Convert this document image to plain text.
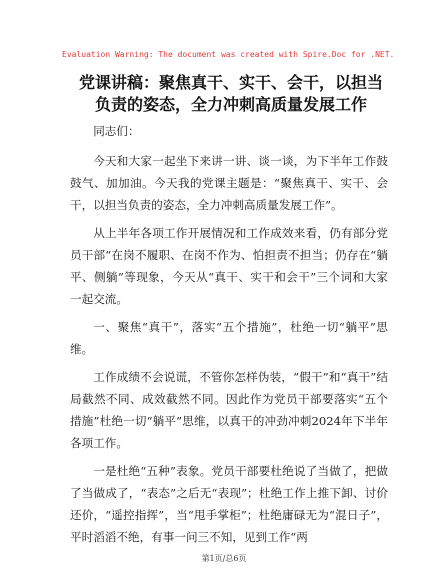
Evaluation Warning: The document was created with Spire.Doc for .NET.
党课讲稿：聚焦真干、实干、会干，以担当负责的姿态，全力冲刺高质量发展工作

同志们：

今天和大家一起坐下来讲一讲、谈一谈，为下半年工作鼓鼓气、加加油。今天我的党课主题是：“聚焦真干、实干、会干，以担当负责的姿态，全力冲刺高质量发展工作”。

从上半年各项工作开展情况和工作成效来看，仍有部分党员干部“在岗不履职、在岗不作为、怕担责不担当；仍存在“躺平、侧躺”等现象，今天从“真干、实干和会干”三个词和大家一起交流。

一、聚焦“真干”，落实“五个措施”，杜绝一切“躺平”思维。

工作成绩不会说谎，不管你怎样伪装，“假干”和“真干”结局截然不同、成效截然不同。因此作为党员干部要落实“五个措施”杜绝一切“躺平”思维，以真干的冲劲冲刺2024年下半年各项工作。

一是杜绝“五种”表象。党员干部要杜绝说了当做了，把做了当做成了，“表态”之后无“表现”；杜绝工作上推下卸、讨价还价，“遥控指挥”，当“甩手掌柜”；杜绝庸碌无为“混日子”，平时滔滔不绝，有事一问三不知，见到工作“两

第1页/总6页
